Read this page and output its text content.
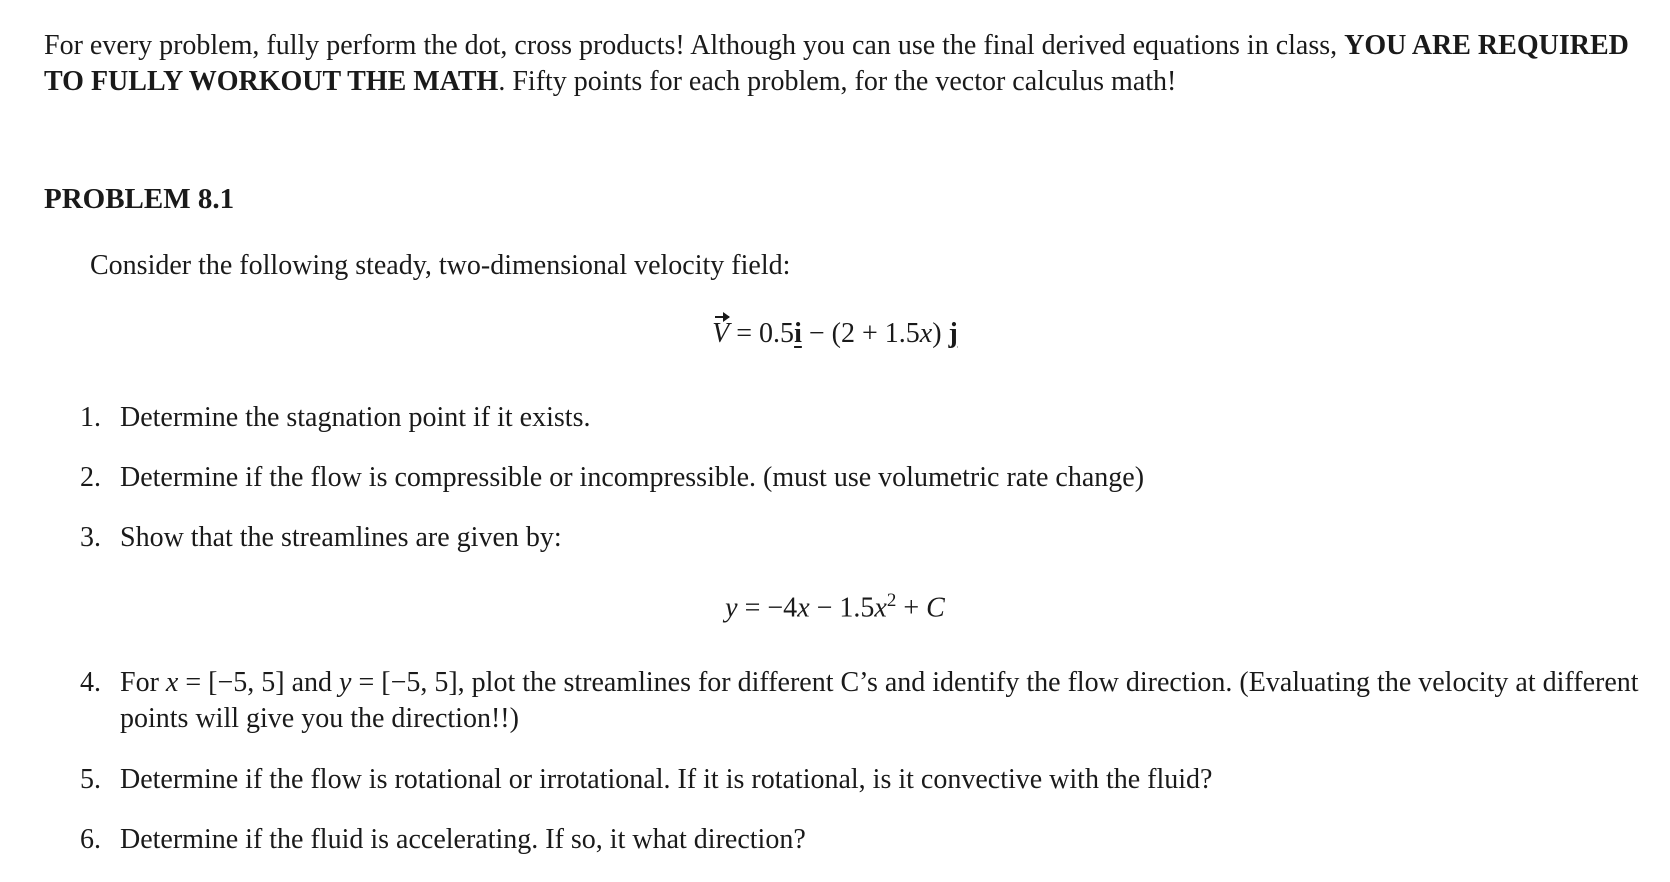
For every problem, fully perform the dot, cross products! Although you can use the final derived equations in class, YOU ARE REQUIRED TO FULLY WORKOUT THE MATH. Fifty points for each problem, for the vector calculus math!

PROBLEM 8.1

Consider the following steady, two-dimensional velocity field:

V = 0.5i − (2 + 1.5x) j

1. Determine the stagnation point if it exists.
2. Determine if the flow is compressible or incompressible. (must use volumetric rate change)
3. Show that the streamlines are given by:

$y = -4x - 1.5x^2 + C$

4. For x = [−5, 5] and y = [−5, 5], plot the streamlines for different C’s and identify the flow direction. (Evaluating the velocity at different points will give you the direction!!)
5. Determine if the flow is rotational or irrotational. If it is rotational, is it convective with the fluid?
6. Determine if the fluid is accelerating. If so, it what direction?
